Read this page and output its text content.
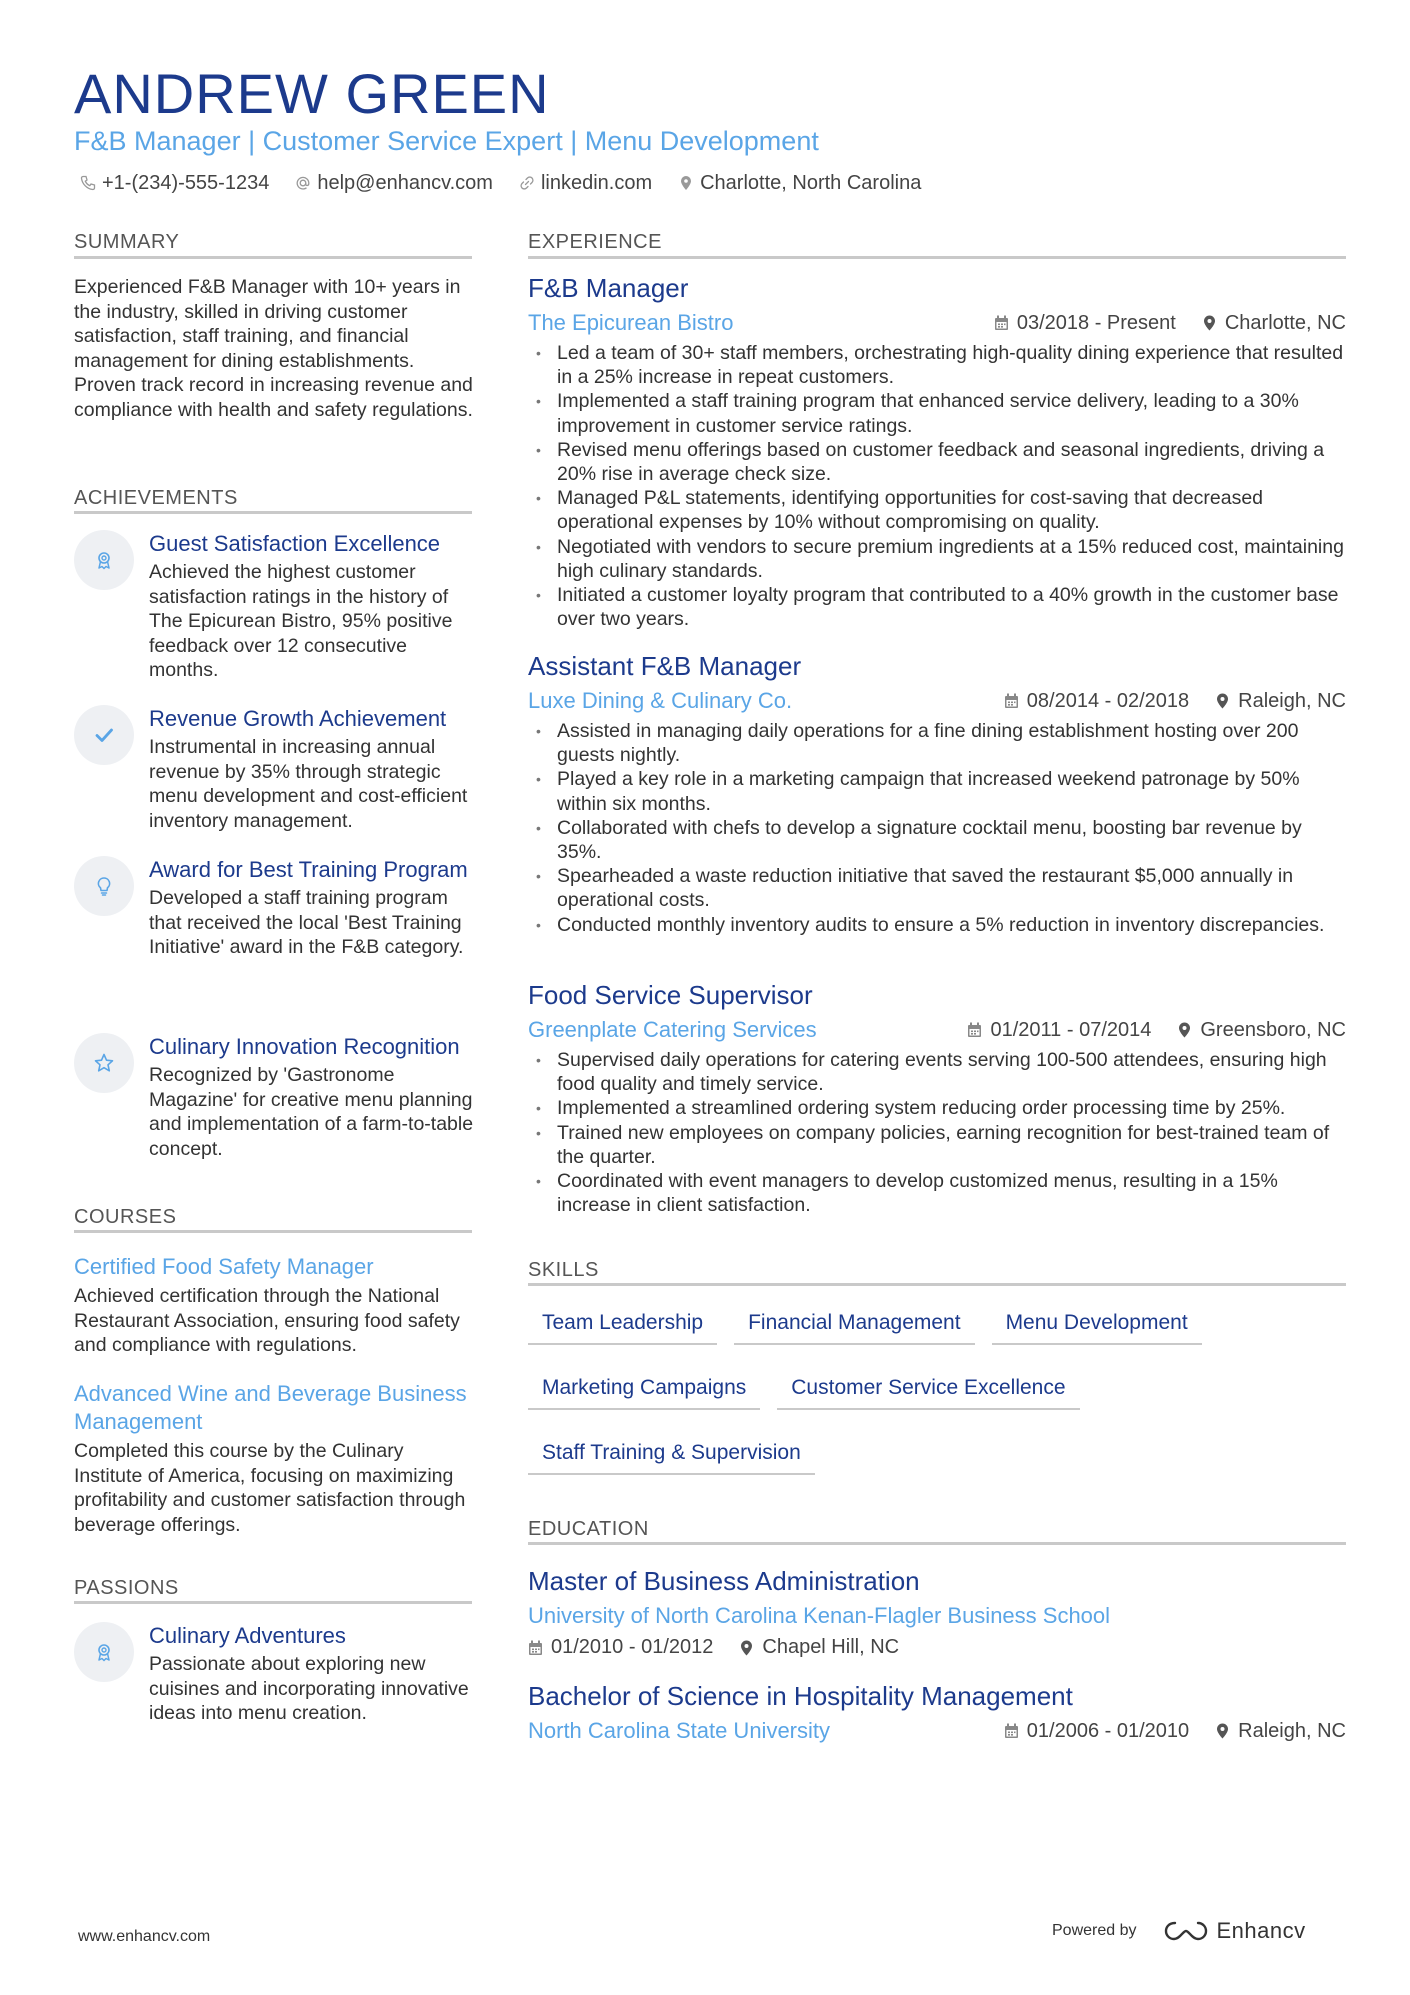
ANDREW GREEN
F&B Manager | Customer Service Expert | Menu Development
+1-(234)-555-1234 help@enhancv.com linkedin.com Charlotte, North Carolina
SUMMARY
Experienced F&B Manager with 10+ years in the industry, skilled in driving customer satisfaction, staff training, and financial management for dining establishments. Proven track record in increasing revenue and compliance with health and safety regulations.
ACHIEVEMENTS
Guest Satisfaction Excellence
Achieved the highest customer satisfaction ratings in the history of The Epicurean Bistro, 95% positive feedback over 12 consecutive months.
Revenue Growth Achievement
Instrumental in increasing annual revenue by 35% through strategic menu development and cost-efficient inventory management.
Award for Best Training Program
Developed a staff training program that received the local 'Best Training Initiative' award in the F&B category.
Culinary Innovation Recognition
Recognized by 'Gastronome Magazine' for creative menu planning and implementation of a farm-to-table concept.
COURSES
Certified Food Safety Manager
Achieved certification through the National Restaurant Association, ensuring food safety and compliance with regulations.
Advanced Wine and Beverage Business Management
Completed this course by the Culinary Institute of America, focusing on maximizing profitability and customer satisfaction through beverage offerings.
PASSIONS
Culinary Adventures
Passionate about exploring new cuisines and incorporating innovative ideas into menu creation.
EXPERIENCE
F&B Manager
The Epicurean Bistro	03/2018 - Present Charlotte, NC
• Led a team of 30+ staff members, orchestrating high-quality dining experience that resulted in a 25% increase in repeat customers.
• Implemented a staff training program that enhanced service delivery, leading to a 30% improvement in customer service ratings.
• Revised menu offerings based on customer feedback and seasonal ingredients, driving a 20% rise in average check size.
• Managed P&L statements, identifying opportunities for cost-saving that decreased operational expenses by 10% without compromising on quality.
• Negotiated with vendors to secure premium ingredients at a 15% reduced cost, maintaining high culinary standards.
• Initiated a customer loyalty program that contributed to a 40% growth in the customer base over two years.
Assistant F&B Manager
Luxe Dining & Culinary Co.	08/2014 - 02/2018 Raleigh, NC
• Assisted in managing daily operations for a fine dining establishment hosting over 200 guests nightly.
• Played a key role in a marketing campaign that increased weekend patronage by 50% within six months.
• Collaborated with chefs to develop a signature cocktail menu, boosting bar revenue by 35%.
• Spearheaded a waste reduction initiative that saved the restaurant $5,000 annually in operational costs.
• Conducted monthly inventory audits to ensure a 5% reduction in inventory discrepancies.
Food Service Supervisor
Greenplate Catering Services	01/2011 - 07/2014 Greensboro, NC
• Supervised daily operations for catering events serving 100-500 attendees, ensuring high food quality and timely service.
• Implemented a streamlined ordering system reducing order processing time by 25%.
• Trained new employees on company policies, earning recognition for best-trained team of the quarter.
• Coordinated with event managers to develop customized menus, resulting in a 15% increase in client satisfaction.
SKILLS
Team Leadership	Financial Management	Menu Development
Marketing Campaigns	Customer Service Excellence
Staff Training & Supervision
EDUCATION
Master of Business Administration
University of North Carolina Kenan-Flagler Business School
01/2010 - 01/2012 Chapel Hill, NC
Bachelor of Science in Hospitality Management
North Carolina State University	01/2006 - 01/2010 Raleigh, NC
www.enhancv.com	Powered by	Enhancv
